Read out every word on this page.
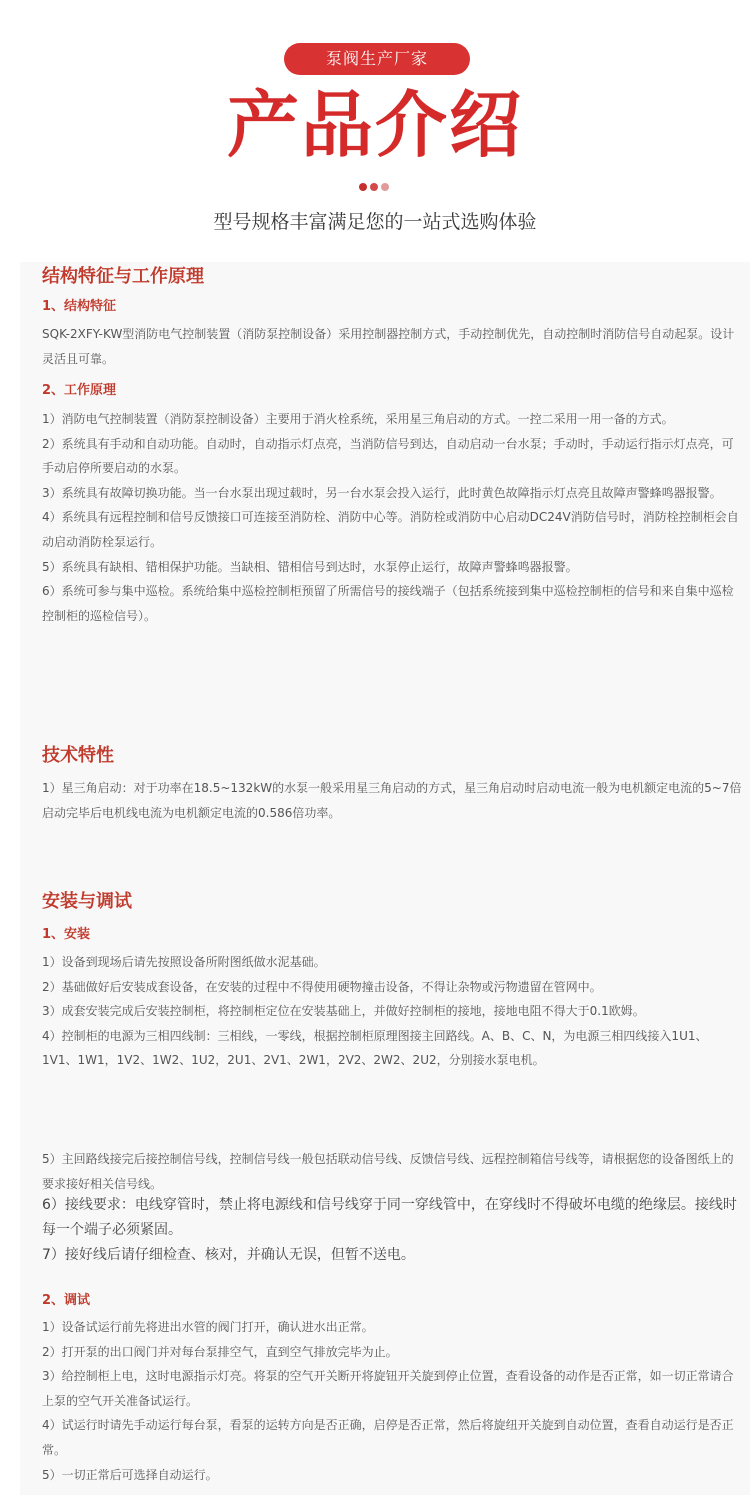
泵阀生产厂家
产品介绍
型号规格丰富满足您的一站式选购体验
结构特征与工作原理
1、结构特征
SQK-2XFY-KW型消防电气控制装置（消防泵控制设备）采用控制器控制方式，手动控制优先，自动控制时消防信号自动起泵。设计灵活且可靠。
2、工作原理
1）消防电气控制装置（消防泵控制设备）主要用于消火栓系统，采用星三角启动的方式。一控二采用一用一备的方式。
2）系统具有手动和自动功能。自动时，自动指示灯点亮，当消防信号到达，自动启动一台水泵；手动时，手动运行指示灯点亮，可手动启停所要启动的水泵。
3）系统具有故障切换功能。当一台水泵出现过载时，另一台水泵会投入运行，此时黄色故障指示灯点亮且故障声警蜂鸣器报警。
4）系统具有远程控制和信号反馈接口可连接至消防栓、消防中心等。消防栓或消防中心启动DC24V消防信号时，消防栓控制柜会自动启动消防栓泵运行。
5）系统具有缺相、错相保护功能。当缺相、错相信号到达时，水泵停止运行，故障声警蜂鸣器报警。
6）系统可参与集中巡检。系统给集中巡检控制柜预留了所需信号的接线端子（包括系统接到集中巡检控制柜的信号和来自集中巡检控制柜的巡检信号）。
技术特性
1）星三角启动：对于功率在18.5~132kW的水泵一般采用星三角启动的方式，星三角启动时启动电流一般为电机额定电流的5~7倍启动完毕后电机线电流为电机额定电流的0.586倍功率。
安装与调试
1、安装
1）设备到现场后请先按照设备所附图纸做水泥基础。
2）基础做好后安装成套设备，在安装的过程中不得使用硬物撞击设备，不得让杂物或污物遗留在管网中。
3）成套安装完成后安装控制柜，将控制柜定位在安装基础上，并做好控制柜的接地，接地电阻不得大于0.1欧姆。
4）控制柜的电源为三相四线制：三相线，一零线，根据控制柜原理图接主回路线。A、B、C、N，为电源三相四线接入1U1、1V1、1W1，1V2、1W2、1U2，2U1、2V1、2W1，2V2、2W2、2U2，分别接水泵电机。
5）主回路线接完后接控制信号线，控制信号线一般包括联动信号线、反馈信号线、远程控制箱信号线等，请根据您的设备图纸上的要求接好相关信号线。
6）接线要求：电线穿管时，禁止将电源线和信号线穿于同一穿线管中，在穿线时不得破坏电缆的绝缘层。接线时每一个端子必须紧固。
7）接好线后请仔细检查、核对，并确认无误，但暂不送电。
2、调试
1）设备试运行前先将进出水管的阀门打开，确认进水出正常。
2）打开泵的出口阀门并对每台泵排空气，直到空气排放完毕为止。
3）给控制柜上电，这时电源指示灯亮。将泵的空气开关断开将旋钮开关旋到停止位置，查看设备的动作是否正常，如一切正常请合上泵的空气开关准备试运行。
4）试运行时请先手动运行每台泵，看泵的运转方向是否正确，启停是否正常，然后将旋纽开关旋到自动位置，查看自动运行是否正常。
5）一切正常后可选择自动运行。
